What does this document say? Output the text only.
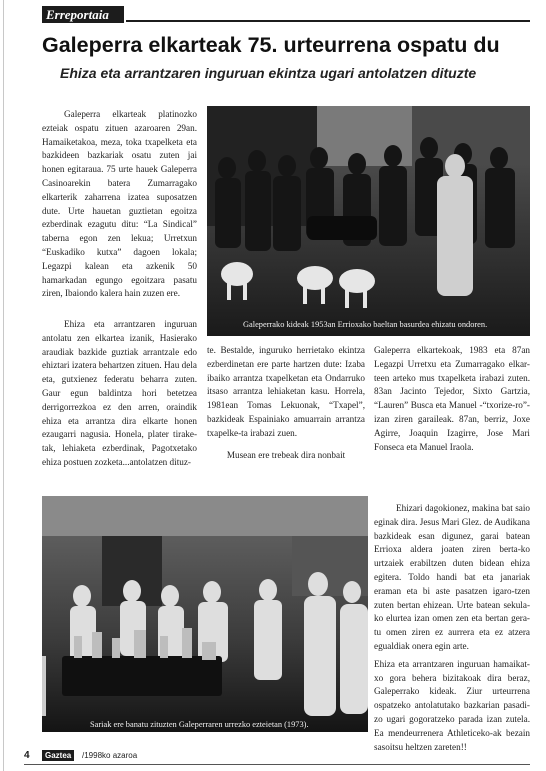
Erreportaia
Galeperra elkarteak 75. urteurrena ospatu du
Ehiza eta arrantzaren inguruan ekintza ugari antolatzen dituzte

Galeperra elkarteak platinozko ezteiak ospatu zituen azaroaren 29an. Hamaiketakoa, meza, toka txapelketa eta bazkideen bazkariak osatu zuten jai honen egitaraua. 75 urte hauek Galeperra Casinoarekin batera Zumarragako elkarterik zaharrena izatea suposatzen dute. Urte hauetan guztietan egoitza ezberdinak ezagutu ditu: “La Sindical” taberna egon zen lekua; Urretxun “Euskadiko kutxa” dagoen lokala; Legazpi kalean eta azkenik 50 hamarkadan egungo egoitzara pasatu ziren, Ibaiondo kalera hain zuzen ere.

Ehiza eta arrantzaren inguruan antolatu zen elkartea izanik, Hasierako araudiak bazkide guztiak arrantzale edo ehiztari izatera behartzen zituen. Hau dela eta, gutxienez federatu beharra zuten. Gaur egun baldintza hori betetzea derrigorrezkoa ez den arren, oraindik ehiza eta arrantza dira elkarte honen ezaugarri nagusia. Honela, plater tirake-tak, lehiaketa ezberdinak, Pagotxetako ehiza postuen zozketa...antolatzen dituz-

Galeperrako kideak 1953an Errioxako baeltan basurdea ehizatu ondoren.

te. Bestalde, inguruko herrietako ekintza ezberdinetan ere parte hartzen dute: Izaba ibaiko arrantza txapelketan eta Ondarruko itsaso arrantza lehiaketan kasu. Horrela, 1981ean Tomas Lekuonak, “Txapel”, bazkideak Espainiako amuarrain arrantza txapelke-ta irabazi zuen.

Musean ere trebeak dira nonbait

Galeperra elkartekoak, 1983 eta 87an Legazpi Urretxu eta Zumarragako elkar-teen arteko mus txapelketa irabazi zuten. 83an Jacinto Tejedor, Sixto Gartzia, “Lauren” Busca eta Manuel -“txorize-ro”- izan ziren garaileak. 87an, berriz, Joxe Agirre, Joaquin Izagirre, Jose Mari Fonseca eta Manuel Iraola.

Ehizari dagokionez, makina bat saio eginak dira. Jesus Mari Glez. de Audikana bazkideak esan digunez, garai batean Errioxa aldera joaten ziren berta-ko urtzaiek erabiltzen duten bidean ehiza egitera. Toldo handi bat eta janariak eraman eta bi aste pasatzen igaro-tzen zuten bertan ehizean. Urte batean sekula-ko elurtea izan omen zen eta bertan gera-tu omen ziren ez aurrera eta ez atzera egualdiak onera egin arte.

Ehiza eta arrantzaren inguruan hamaikat-xo gora behera bizitakoak dira beraz, Galeperrako kideak. Ziur urteurrena ospatzeko antolatutako bazkarian pasadi-zo ugari gogoratzeko parada izan zutela. Ea mendeurrenera Athleticeko-ak bezain sasoitsu heltzen zareten!!

Sariak ere banatu zituzten Galeperraren urrezko ezteietan (1973).
4	Gaztea	/1998ko azaroa
